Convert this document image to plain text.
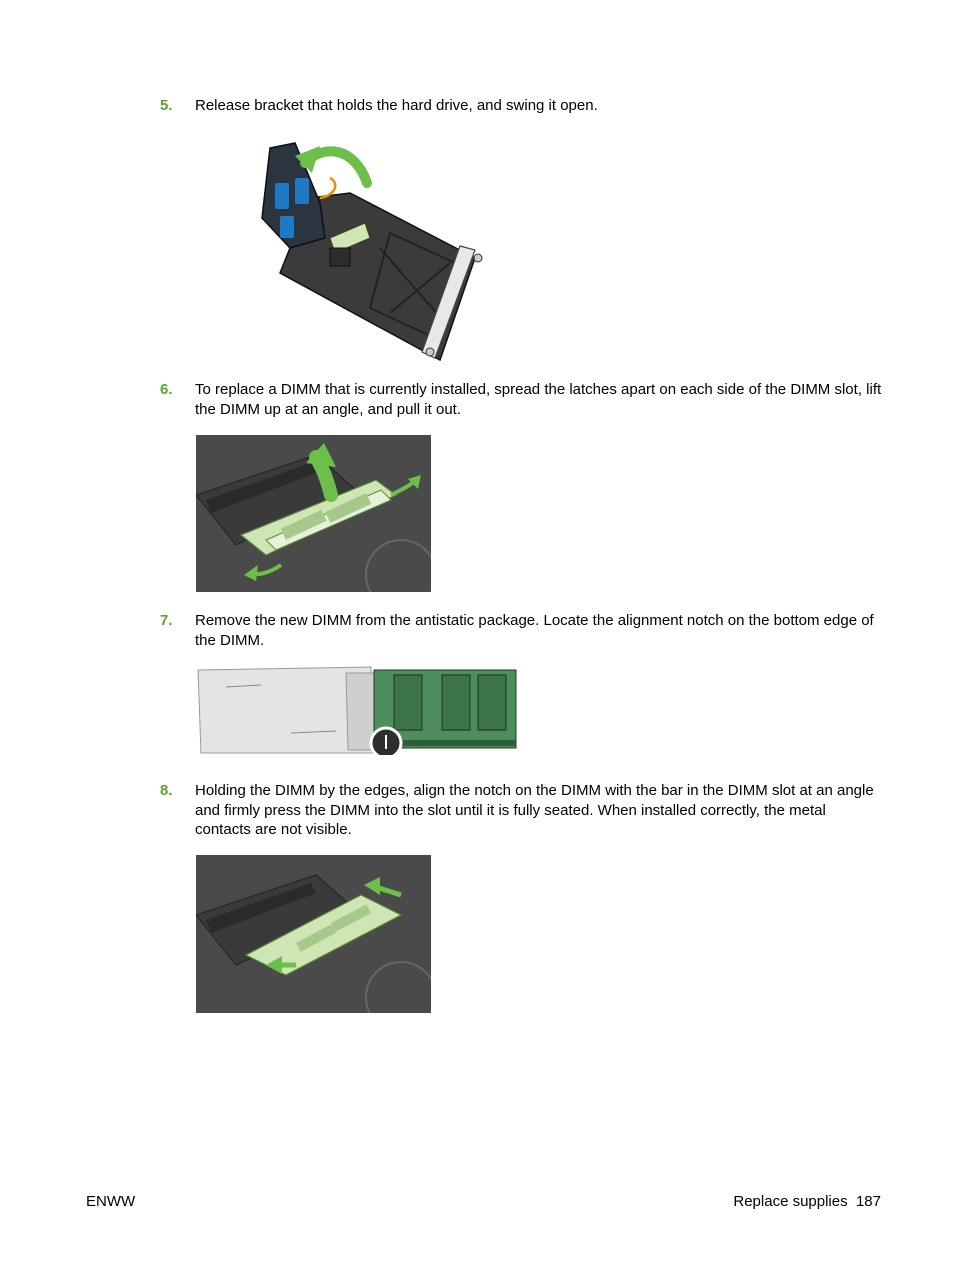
5. Release bracket that holds the hard drive, and swing it open.
6. To replace a DIMM that is currently installed, spread the latches apart on each side of the DIMM slot, lift the DIMM up at an angle, and pull it out.
7. Remove the new DIMM from the antistatic package. Locate the alignment notch on the bottom edge of the DIMM.
8. Holding the DIMM by the edges, align the notch on the DIMM with the bar in the DIMM slot at an angle and firmly press the DIMM into the slot until it is fully seated. When installed correctly, the metal contacts are not visible.
ENWW	Replace supplies 187
